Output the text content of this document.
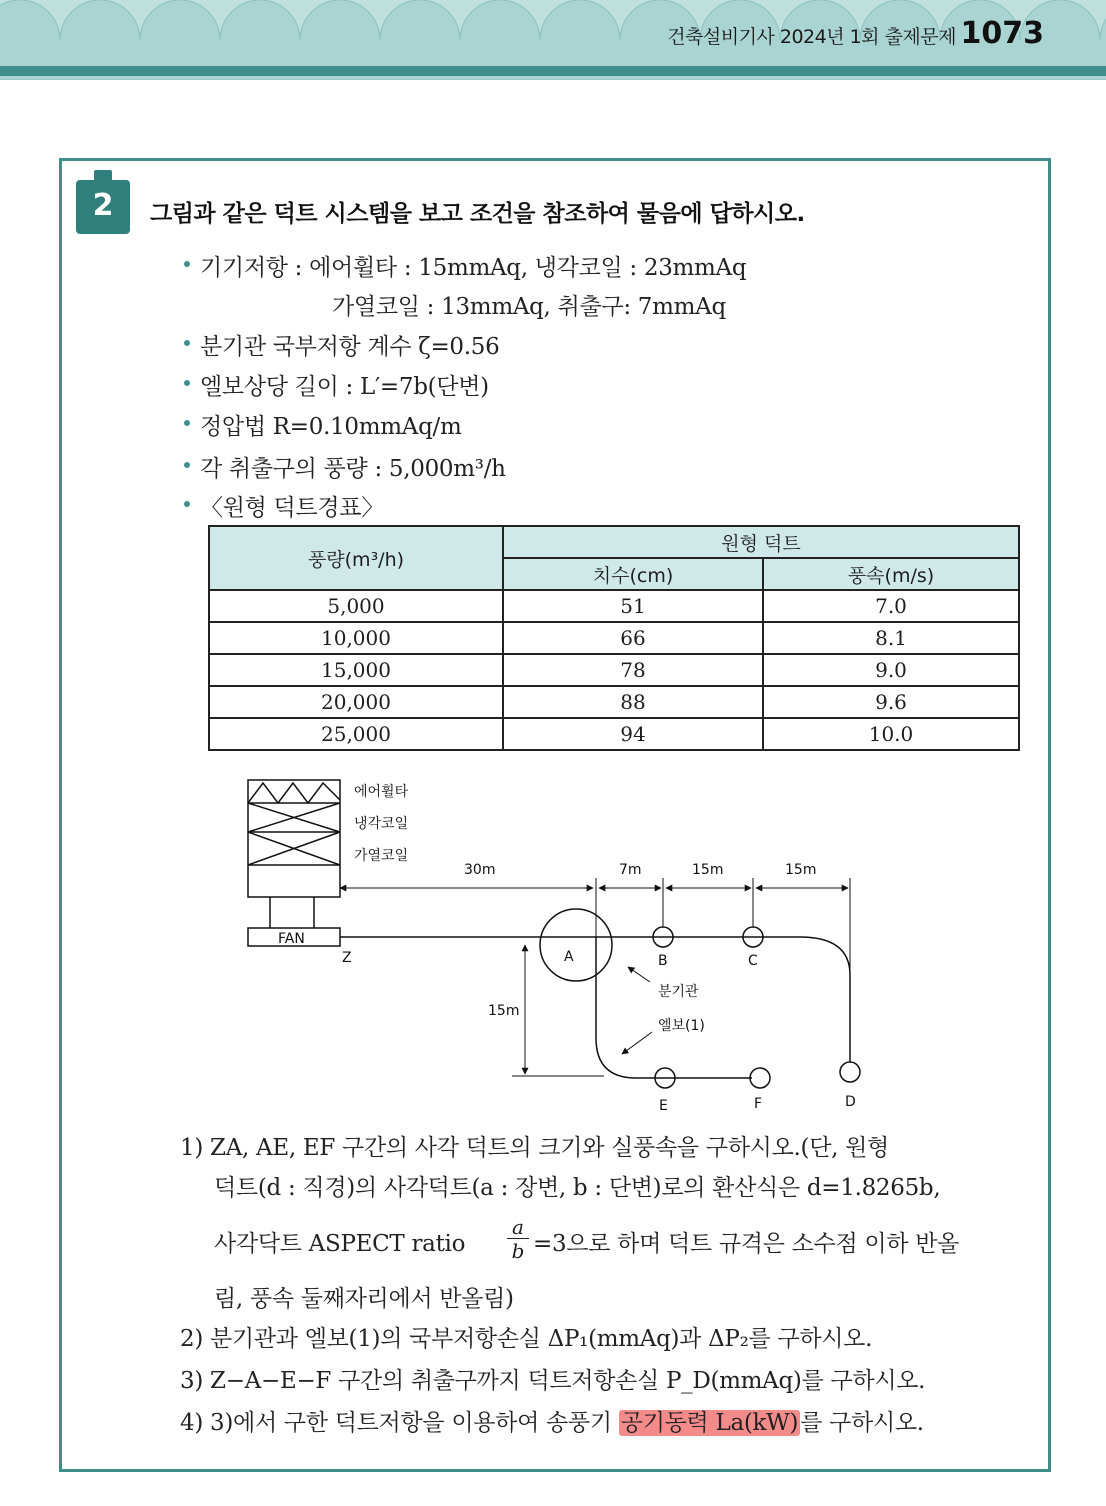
건축설비기사 2024년 1회 출제문제 1073
2	그림과 같은 덕트 시스템을 보고 조건을 참조하여 물음에 답하시오.
기기저항 : 에어휠타 : 15mmAq, 냉각코일 : 23mmAq
가열코일 : 13mmAq, 취출구: 7mmAq
분기관 국부저항 계수 ζ=0.56
엘보상당 길이 : L′=7b(단변)
정압법 R=0.10mmAq/m
각 취출구의 풍량 : 5,000m³/h
〈원형 덕트경표〉
풍량(m³/h)	원형 덕트	
	치수(cm)	풍속(m/s)
5,000	51	7.0
10,000	66	8.1
15,000	78	9.0
20,000	88	9.6
25,000	94	10.0
에어휠타
냉각코일
가열코일
FAN
30m	7m	15m	15m
15m
Z	A	B	C
D
E	F
분기관
엘보(1)
1) ZA, AE, EF 구간의 사각 덕트의 크기와 실풍속을 구하시오.(단, 원형
덕트(d : 직경)의 사각덕트(a : 장변, b : 단변)로의 환산식은 d=1.8265b,
사각닥트 ASPECT ratio $\frac{a}{b} =3$으로 하며 덕트 규격은 소수점 이하 반올
림, 풍속 둘째자리에서 반올림)
2) 분기관과 엘보(1)의 국부저항손실 ΔP₁(mmAq)과 ΔP₂를 구하시오.
3) Z−A−E−F 구간의 취출구까지 덕트저항손실 P_D(mmAq)를 구하시오.
4) 3)에서 구한 덕트저항을 이용하여 송풍기 공기동력 La(kW)를 구하시오.
